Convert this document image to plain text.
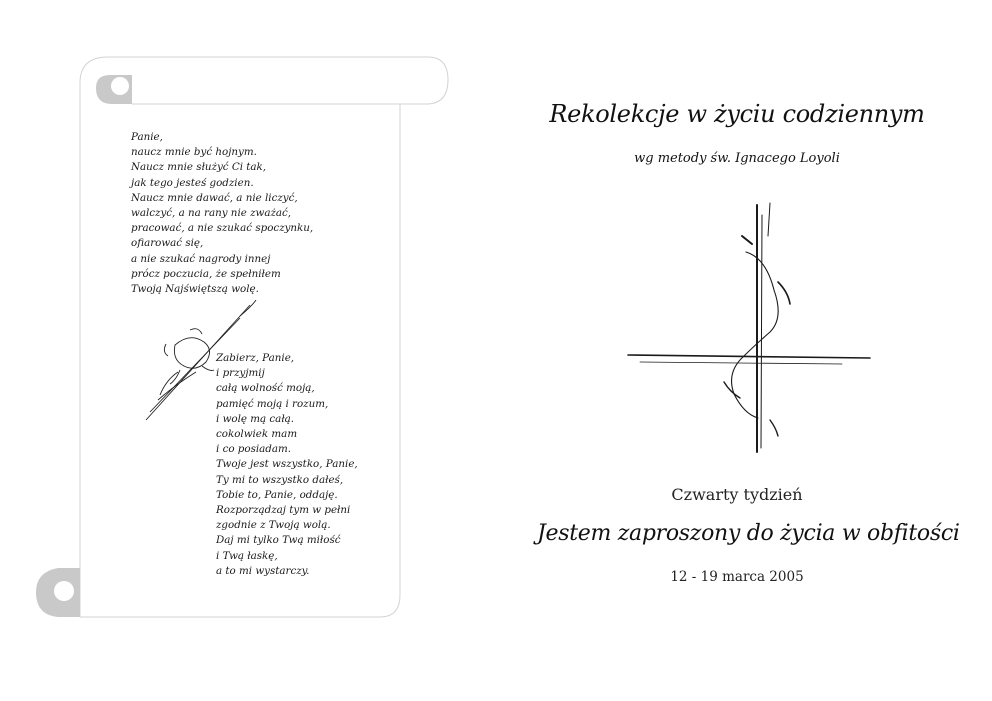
Panie,
naucz mnie być hojnym.
Naucz mnie służyć Ci tak,
jak tego jesteś godzien.
Naucz mnie dawać, a nie liczyć,
walczyć, a na rany nie zważać,
pracować, a nie szukać spoczynku,
ofiarować się,
a nie szukać nagrody innej
prócz poczucia, że spełniłem
Twoją Najświętszą wolę.
Zabierz, Panie,
i przyjmij
całą wolność moją,
pamięć moją i rozum,
i wolę mą całą.
cokolwiek mam
i co posiadam.
Twoje jest wszystko, Panie,
Ty mi to wszystko dałeś,
Tobie to, Panie, oddaję.
Rozporządzaj tym w pełni
zgodnie z Twoją wolą.
Daj mi tylko Twą miłość
i Twą łaskę,
a to mi wystarczy.
Rekolekcje w życiu codziennym
wg metody św. Ignacego Loyoli
Czwarty tydzień
Jestem zaproszony do życia w obfitości
12 - 19 marca 2005
